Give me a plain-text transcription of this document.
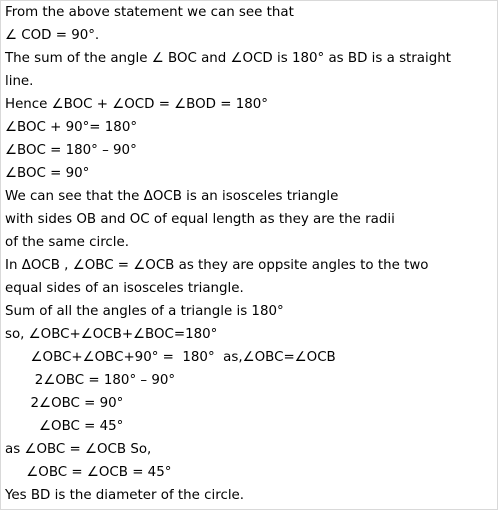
From the above statement we can see that
∠ COD = 90°.
The sum of the angle ∠ BOC and ∠OCD is 180° as BD is a straight
line.
Hence ∠BOC + ∠OCD = ∠BOD = 180°
∠BOC + 90°= 180°
∠BOC = 180° – 90°
∠BOC = 90°
We can see that the ΔOCB is an isosceles triangle
with sides OB and OC of equal length as they are the radii
of the same circle.
In ΔOCB , ∠OBC = ∠OCB as they are oppsite angles to the two
equal sides of an isosceles triangle.
Sum of all the angles of a triangle is 180°
so, ∠OBC+∠OCB+∠BOC=180°
∠OBC+∠OBC+90° =  180°  as,∠OBC=∠OCB
2∠OBC = 180° – 90°
2∠OBC = 90°
∠OBC = 45°
as ∠OBC = ∠OCB So,
∠OBC = ∠OCB = 45°
Yes BD is the diameter of the circle.
